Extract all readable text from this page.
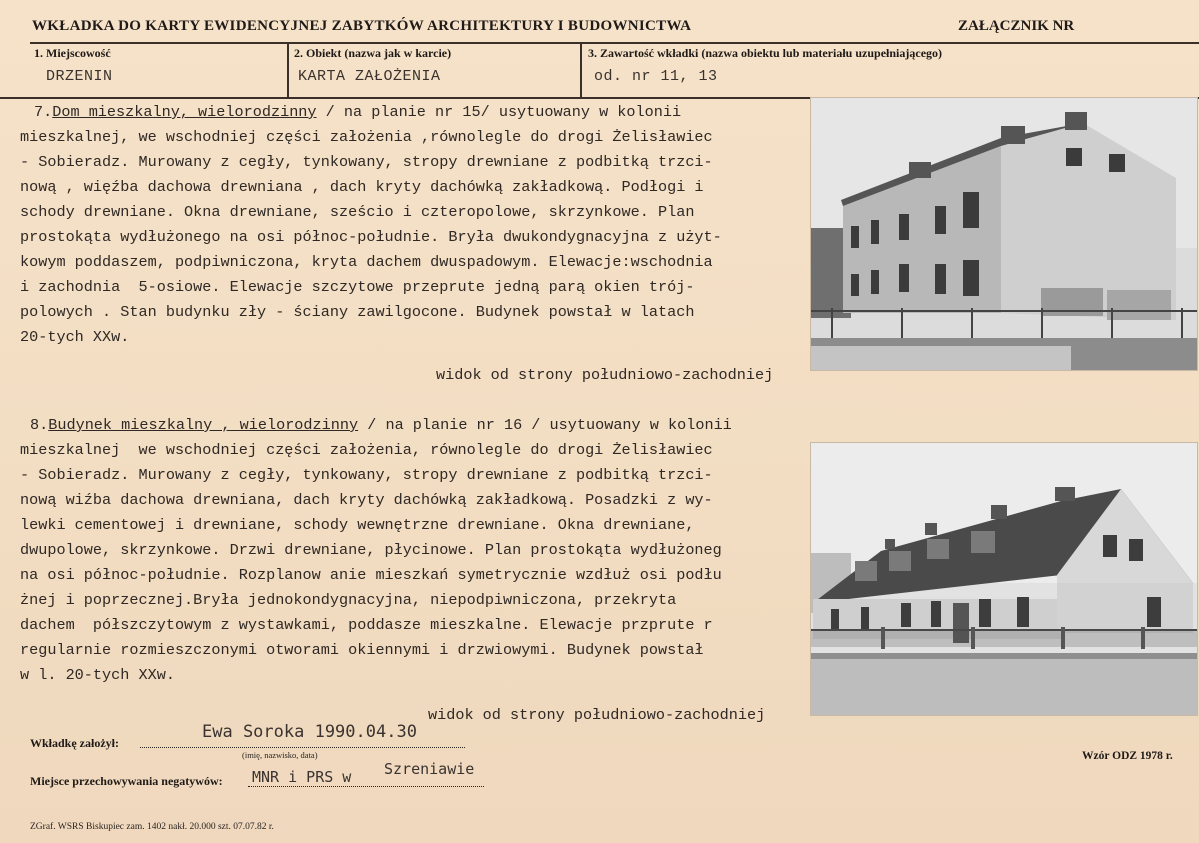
WKŁADKA DO KARTY EWIDENCYJNEJ ZABYTKÓW ARCHITEKTURY I BUDOWNICTWA	ZAŁĄCZNIK NR
1. Miejscowość
DRZENIN
2. Obiekt (nazwa jak w karcie)
KARTA ZAŁOŻENIA
3. Zawartość wkładki (nazwa obiektu lub materiału uzupełniającego)
od. nr 11, 13
7.Dom mieszkalny, wielorodzinny / na planie nr 15/ usytuowany w kolonii
mieszkalnej, we wschodniej części założenia ,równolegle do drogi Żelisławiec
- Sobieradz. Murowany z cegły, tynkowany, stropy drewniane z podbitką trzci-
nową , więźba dachowa drewniana , dach kryty dachówką zakładkową. Podłogi i
schody drewniane. Okna drewniane, sześcio i czteropolowe, skrzynkowe. Plan
prostokąta wydłużonego na osi północ-południe. Bryła dwukondygnacyjna z użyt-
kowym poddaszem, podpiwniczona, kryta dachem dwuspadowym. Elewacje:wschodnia
i zachodnia  5-osiowe. Elewacje szczytowe przeprute jedną parą okien trój-
polowych . Stan budynku zły - ściany zawilgocone. Budynek powstał w latach
20-tych XXw.
widok od strony południowo-zachodniej
8.Budynek mieszkalny , wielorodzinny / na planie nr 16 / usytuowany w kolonii
mieszkalnej  we wschodniej części założenia, równolegle do drogi Żelisławiec
- Sobieradz. Murowany z cegły, tynkowany, stropy drewniane z podbitką trzci-
nową wiźba dachowa drewniana, dach kryty dachówką zakładkową. Posadzki z wy-
lewki cementowej i drewniane, schody wewnętrzne drewniane. Okna drewniane,
dwupolowe, skrzynkowe. Drzwi drewniane, płycinowe. Plan prostokąta wydłużoneg
na osi północ-południe. Rozplanow anie mieszkań symetrycznie wzdłuż osi podłu
żnej i poprzecznej.Bryła jednokondygnacyjna, niepodpiwniczona, przekryta
dachem  półszczytowym z wystawkami, poddasze mieszkalne. Elewacje przprute r
regularnie rozmieszczonymi otworami okiennymi i drzwiowymi. Budynek powstał
w l. 20-tych XXw.
widok od strony południowo-zachodniej
Wkładkę założył:
Ewa Soroka 1990.04.30
(imię, nazwisko, data)
Miejsce przechowywania negatywów: MNR i PRS w Szreniawie
Wzór ODZ 1978 r.
ZGraf. WSRS Biskupiec zam. 1402 nakł. 20.000 szt. 07.07.82 r.
